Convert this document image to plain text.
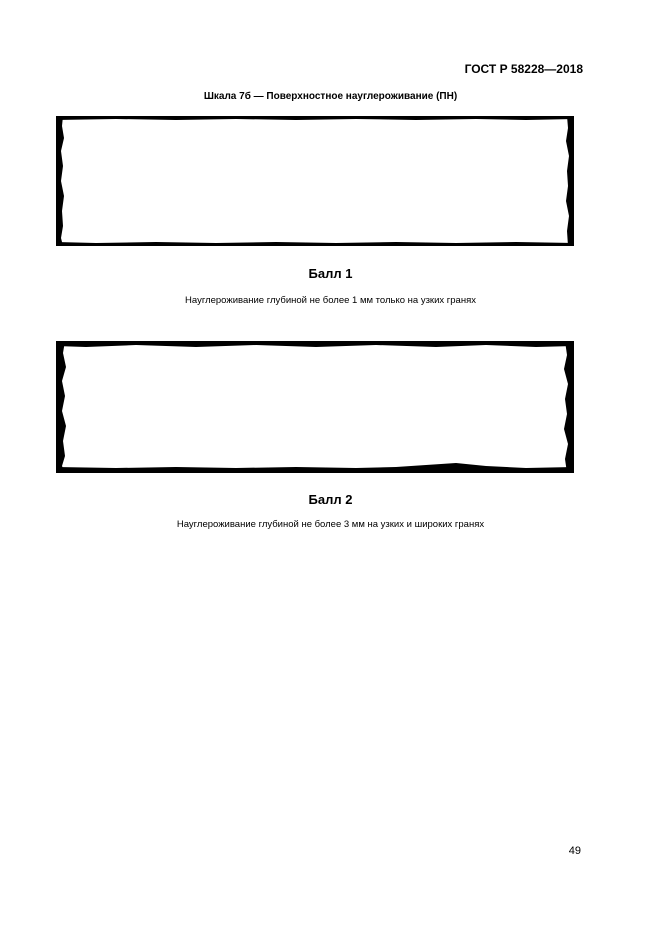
ГОСТ Р 58228—2018
Шкала 7б — Поверхностное науглероживание (ПН)
Балл 1
Науглероживание глубиной не более 1 мм только на узких гранях
Балл 2
Науглероживание глубиной не более 3 мм на узких и широких гранях
49
